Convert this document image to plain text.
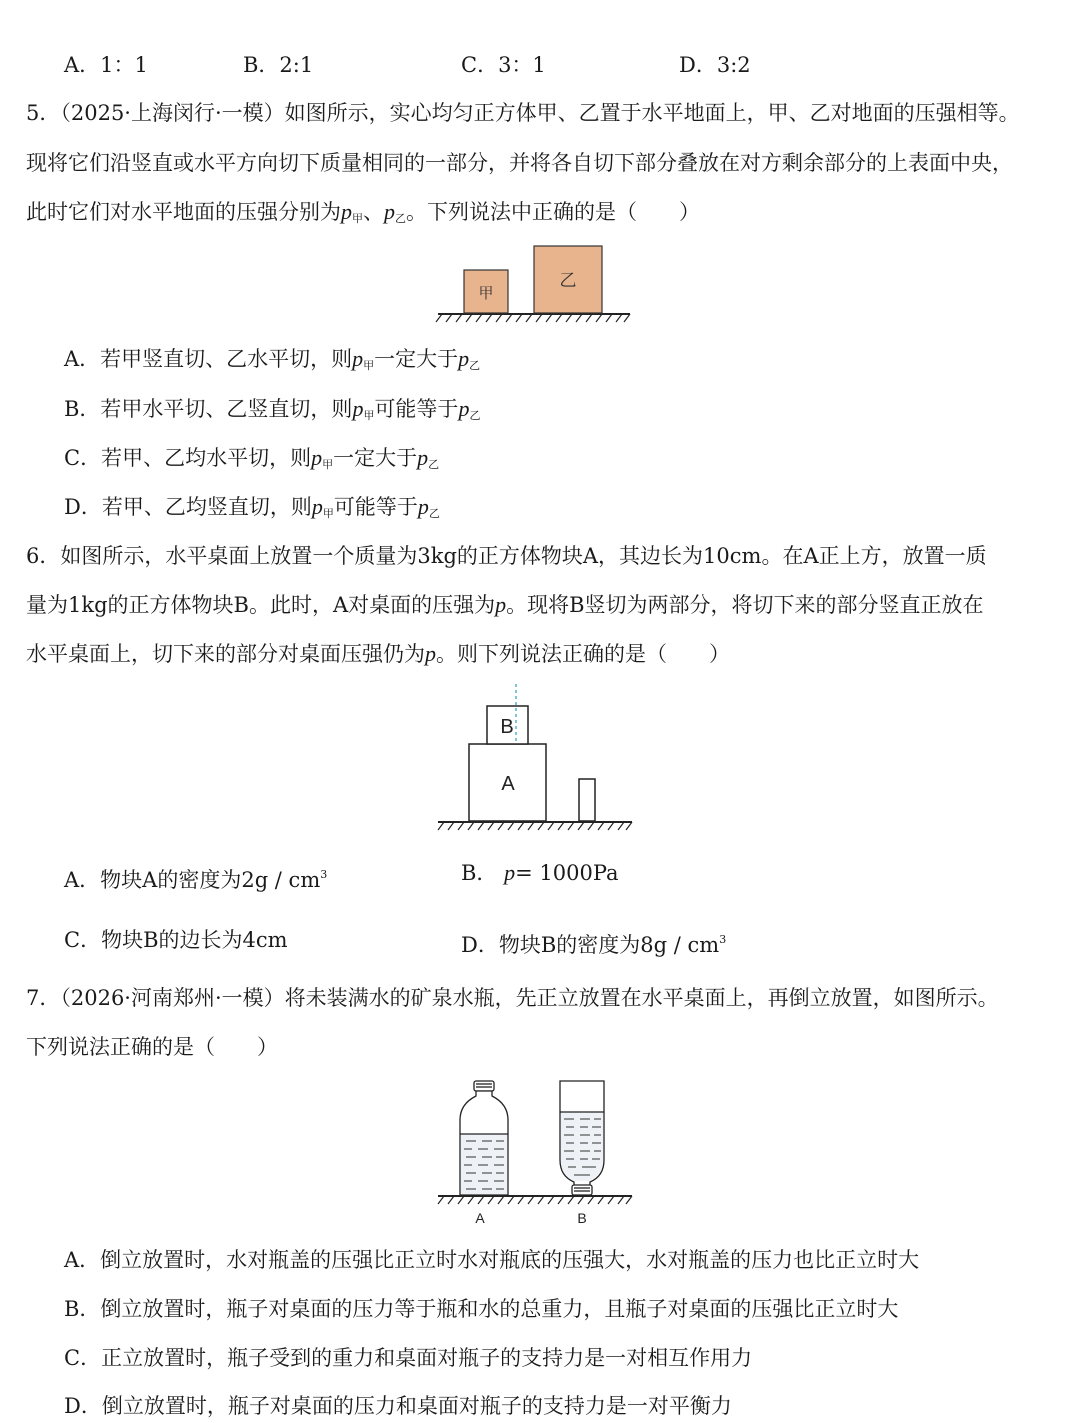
A．1：1	B．2:1	C．3：1	D．3:2
5．（2025·上海闵行·一模）如图所示，实心均匀正方体甲、乙置于水平地面上，甲、乙对地面的压强相等。
现将它们沿竖直或水平方向切下质量相同的一部分，并将各自切下部分叠放在对方剩余部分的上表面中央，
此时它们对水平地面的压强分别为$p_甲$、$p_乙$。下列说法中正确的是（　　）
甲
乙
A．若甲竖直切、乙水平切，则$p_甲$一定大于$p_乙$
B．若甲水平切、乙竖直切，则$p_甲$可能等于$p_乙$
C．若甲、乙均水平切，则$p_甲$一定大于$p_乙$
D．若甲、乙均竖直切，则$p_甲$可能等于$p_乙$
6．如图所示，水平桌面上放置一个质量为3kg的正方体物块A，其边长为10cm。在A正上方，放置一质
量为1kg的正方体物块B。此时，A对桌面的压强为p。现将B竖切为两部分，将切下来的部分竖直正放在
水平桌面上，切下来的部分对桌面压强仍为p。则下列说法正确的是（　　）
A
B
A．物块A的密度为$2g / cm^3$	B． p= 1000Pa
C．物块B的边长为4cm	D．物块B的密度为$8g / cm^3$
7．（2026·河南郑州·一模）将未装满水的矿泉水瓶，先正立放置在水平桌面上，再倒立放置，如图所示。
下列说法正确的是（　　）
A	B
A．倒立放置时，水对瓶盖的压强比正立时水对瓶底的压强大，水对瓶盖的压力也比正立时大
B．倒立放置时，瓶子对桌面的压力等于瓶和水的总重力，且瓶子对桌面的压强比正立时大
C．正立放置时，瓶子受到的重力和桌面对瓶子的支持力是一对相互作用力
D．倒立放置时，瓶子对桌面的压力和桌面对瓶子的支持力是一对平衡力
